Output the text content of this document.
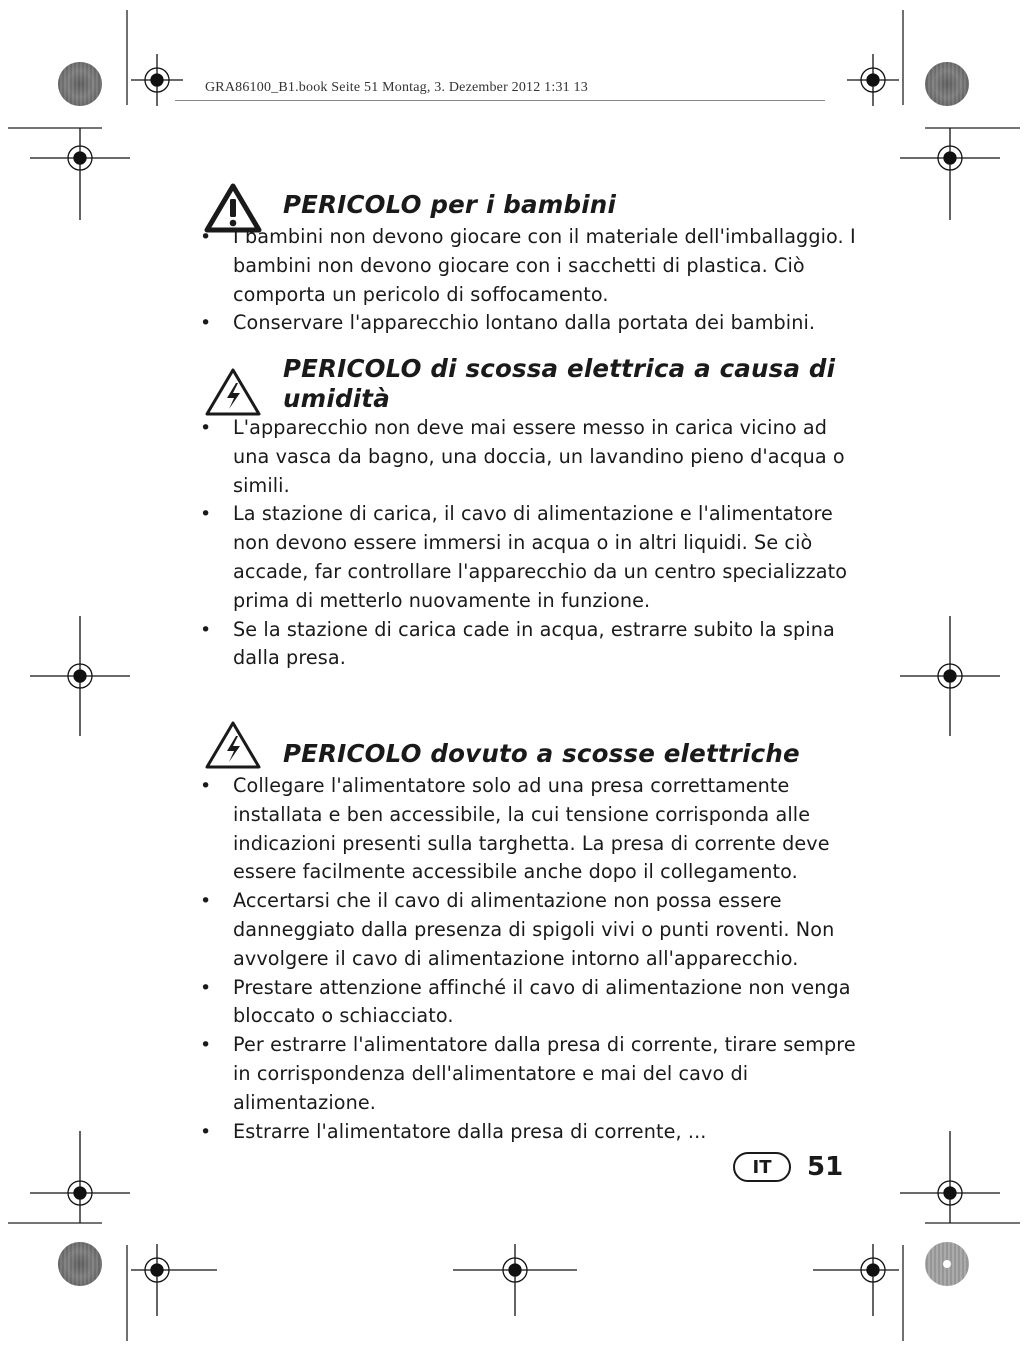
GRA86100_B1.book Seite 51 Montag, 3. Dezember 2012 1:31 13
PERICOLO per i bambini
• I bambini non devono giocare con il materiale dell'imballaggio. I bambini non devono giocare con i sacchetti di plastica. Ciò comporta un pericolo di soffocamento.
• Conservare l'apparecchio lontano dalla portata dei bambini.
PERICOLO di scossa elettrica a causa di umidità
• L'apparecchio non deve mai essere messo in carica vicino ad una vasca da bagno, una doccia, un lavandino pieno d'acqua o simili.
• La stazione di carica, il cavo di alimentazione e l'alimentatore non devono essere immersi in acqua o in altri liquidi. Se ciò accade, far controllare l'apparecchio da un centro specializzato prima di metterlo nuovamente in funzione.
• Se la stazione di carica cade in acqua, estrarre subito la spina dalla presa.
PERICOLO dovuto a scosse elettriche
• Collegare l'alimentatore solo ad una presa correttamente installata e ben accessibile, la cui tensione corrisponda alle indicazioni presenti sulla targhetta. La presa di corrente deve essere facilmente accessibile anche dopo il collegamento.
• Accertarsi che il cavo di alimentazione non possa essere danneggiato dalla presenza di spigoli vivi o punti roventi. Non avvolgere il cavo di alimentazione intorno all'apparecchio.
• Prestare attenzione affinché il cavo di alimentazione non venga bloccato o schiacciato.
• Per estrarre l'alimentatore dalla presa di corrente, tirare sempre in corrispondenza dell'alimentatore e mai del cavo di alimentazione.
• Estrarre l'alimentatore dalla presa di corrente, ...
IT	51
